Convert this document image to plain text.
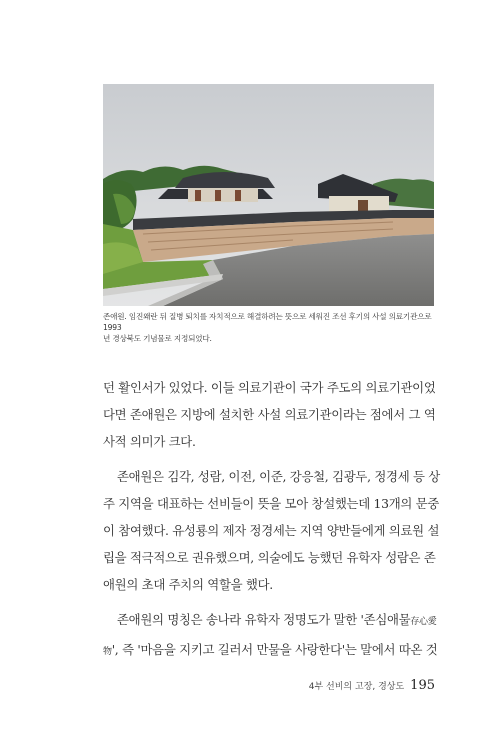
존애원. 임진왜란 뒤 질병 퇴치를 자치적으로 해결하려는 뜻으로 세워진 조선 후기의 사설 의료기관으로 1993
년 경상북도 기념물로 지정되었다.

던 활인서가 있었다. 이들 의료기관이 국가 주도의 의료기관이었
다면 존애원은 지방에 설치한 사설 의료기관이라는 점에서 그 역
사적 의미가 크다.

존애원은 김각, 성람, 이전, 이준, 강응철, 김광두, 정경세 등 상
주 지역을 대표하는 선비들이 뜻을 모아 창설했는데 13개의 문중
이 참여했다. 유성룡의 제자 정경세는 지역 양반들에게 의료원 설
립을 적극적으로 권유했으며, 의술에도 능했던 유학자 성람은 존
애원의 초대 주치의 역할을 했다.

존애원의 명칭은 송나라 유학자 정명도가 말한 '존심애물存心愛
物', 즉 '마음을 지키고 길러서 만물을 사랑한다'는 말에서 따온 것

4부 선비의 고장, 경상도 195
